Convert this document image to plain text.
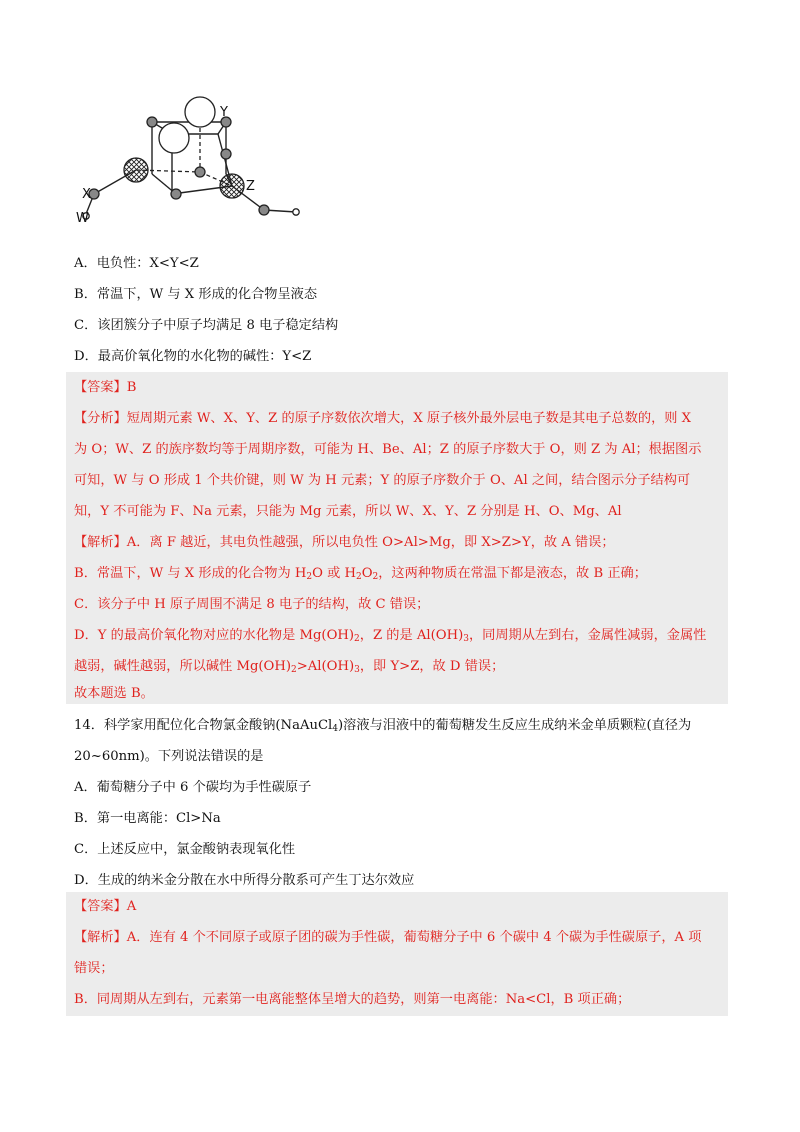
Y
X
W
Z
A．电负性：X<Y<Z
B．常温下，W 与 X 形成的化合物呈液态
C．该团簇分子中原子均满足 8 电子稳定结构
D．最高价氧化物的水化物的碱性：Y<Z
【答案】B
【分析】短周期元素 W、X、Y、Z 的原子序数依次增大，X 原子核外最外层电子数是其电子总数的，则 X
为 O；W、Z 的族序数均等于周期序数，可能为 H、Be、Al；Z 的原子序数大于 O，则 Z 为 Al；根据图示
可知，W 与 O 形成 1 个共价键，则 W 为 H 元素；Y 的原子序数介于 O、Al 之间，结合图示分子结构可
知，Y 不可能为 F、Na 元素，只能为 Mg 元素，所以 W、X、Y、Z 分别是 H、O、Mg、Al
【解析】A．离 F 越近，其电负性越强，所以电负性 O>Al>Mg，即 X>Z>Y，故 A 错误；
B．常温下，W 与 X 形成的化合物为 $H_2O$ 或 $H_2O_2$，这两种物质在常温下都是液态，故 B 正确；
C．该分子中 H 原子周围不满足 8 电子的结构，故 C 错误；
D．Y 的最高价氧化物对应的水化物是 $Mg(OH)_2$，Z 的是 $Al(OH)_3$，同周期从左到右，金属性减弱，金属性
越弱，碱性越弱，所以碱性 $Mg(OH)_2>Al(OH)_3$，即 Y>Z，故 D 错误；
故本题选 B。
14．科学家用配位化合物氯金酸钠(NaAuCl$_4$)溶液与泪液中的葡萄糖发生反应生成纳米金单质颗粒(直径为
20~60nm)。下列说法错误的是
A．葡萄糖分子中 6 个碳均为手性碳原子
B．第一电离能：Cl>Na
C．上述反应中，氯金酸钠表现氧化性
D．生成的纳米金分散在水中所得分散系可产生丁达尔效应
【答案】A
【解析】A．连有 4 个不同原子或原子团的碳为手性碳，葡萄糖分子中 6 个碳中 4 个碳为手性碳原子，A 项
错误；
B．同周期从左到右，元素第一电离能整体呈增大的趋势，则第一电离能：Na<Cl，B 项正确；
